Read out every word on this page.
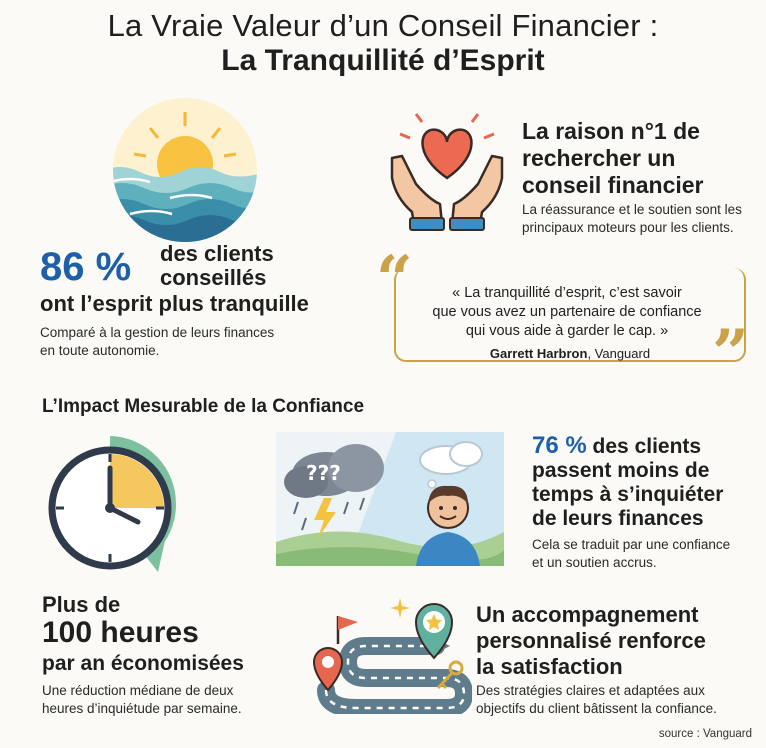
La Vraie Valeur d’un Conseil Financier :
La Tranquillité d’Esprit
La raison n°1 de
rechercher un
conseil financier
La réassurance et le soutien sont les
principaux moteurs pour les clients.
86 % des clients
conseillés
ont l’esprit plus tranquille
Comparé à la gestion de leurs finances
en toute autonomie.
“
”
« La tranquillité d’esprit, c’est savoir
que vous avez un partenaire de confiance
qui vous aide à garder le cap. »
Garrett Harbron, Vanguard
L’Impact Mesurable de la Confiance
???
76 % des clients
passent moins de
temps à s’inquiéter
de leurs finances
Cela se traduit par une confiance
et un soutien accrus.
Plus de
100 heures
par an économisées
Une réduction médiane de deux
heures d’inquiétude par semaine.
Un accompagnement
personnalisé renforce
la satisfaction
Des stratégies claires et adaptées aux
objectifs du client bâtissent la confiance.
source : Vanguard
